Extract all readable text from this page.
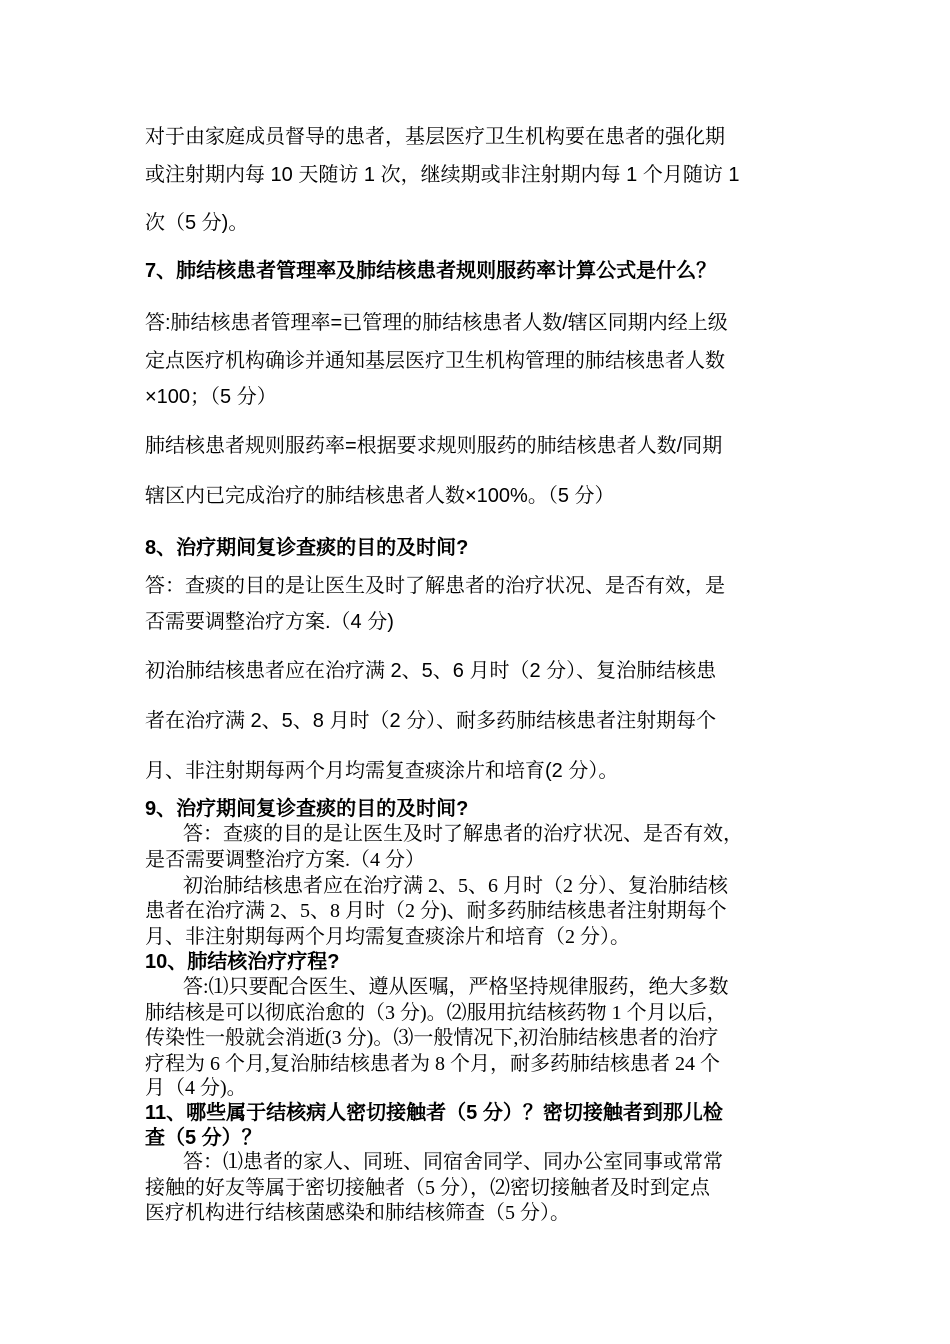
对于由家庭成员督导的患者，基层医疗卫生机构要在患者的强化期
或注射期内每 10 天随访 1 次，继续期或非注射期内每 1 个月随访 1
次（5 分)。
7、肺结核患者管理率及肺结核患者规则服药率计算公式是什么？
答:肺结核患者管理率=已管理的肺结核患者人数/辖区同期内经上级
定点医疗机构确诊并通知基层医疗卫生机构管理的肺结核患者人数
×100；（5 分）
肺结核患者规则服药率=根据要求规则服药的肺结核患者人数/同期
辖区内已完成治疗的肺结核患者人数×100%。（5 分）
8、治疗期间复诊查痰的目的及时间?
答：查痰的目的是让医生及时了解患者的治疗状况、是否有效，是
否需要调整治疗方案.（4 分)
初治肺结核患者应在治疗满 2、5、6 月时（2 分）、复治肺结核患
者在治疗满 2、5、8 月时（2 分）、耐多药肺结核患者注射期每个
月、非注射期每两个月均需复查痰涂片和培育(2 分）。
9、治疗期间复诊查痰的目的及时间?
答：查痰的目的是让医生及时了解患者的治疗状况、是否有效，
是否需要调整治疗方案.（4 分）
初治肺结核患者应在治疗满 2、5、6 月时（2 分）、复治肺结核
患者在治疗满 2、5、8 月时（2 分)、耐多药肺结核患者注射期每个
月、非注射期每两个月均需复查痰涂片和培育（2 分）。
10、肺结核治疗疗程?
答:⑴只要配合医生、遵从医嘱，严格坚持规律服药，绝大多数
肺结核是可以彻底治愈的（3 分)。⑵服用抗结核药物 1 个月以后，
传染性一般就会消逝(3 分)。⑶一般情况下,初治肺结核患者的治疗
疗程为 6 个月,复治肺结核患者为 8 个月，耐多药肺结核患者 24 个
月（4 分)。
11、哪些属于结核病人密切接触者（5 分）？密切接触者到那儿检
查（5 分）？
答：⑴患者的家人、同班、同宿舍同学、同办公室同事或常常
接触的好友等属于密切接触者（5 分），⑵密切接触者及时到定点
医疗机构进行结核菌感染和肺结核筛查（5 分）。
